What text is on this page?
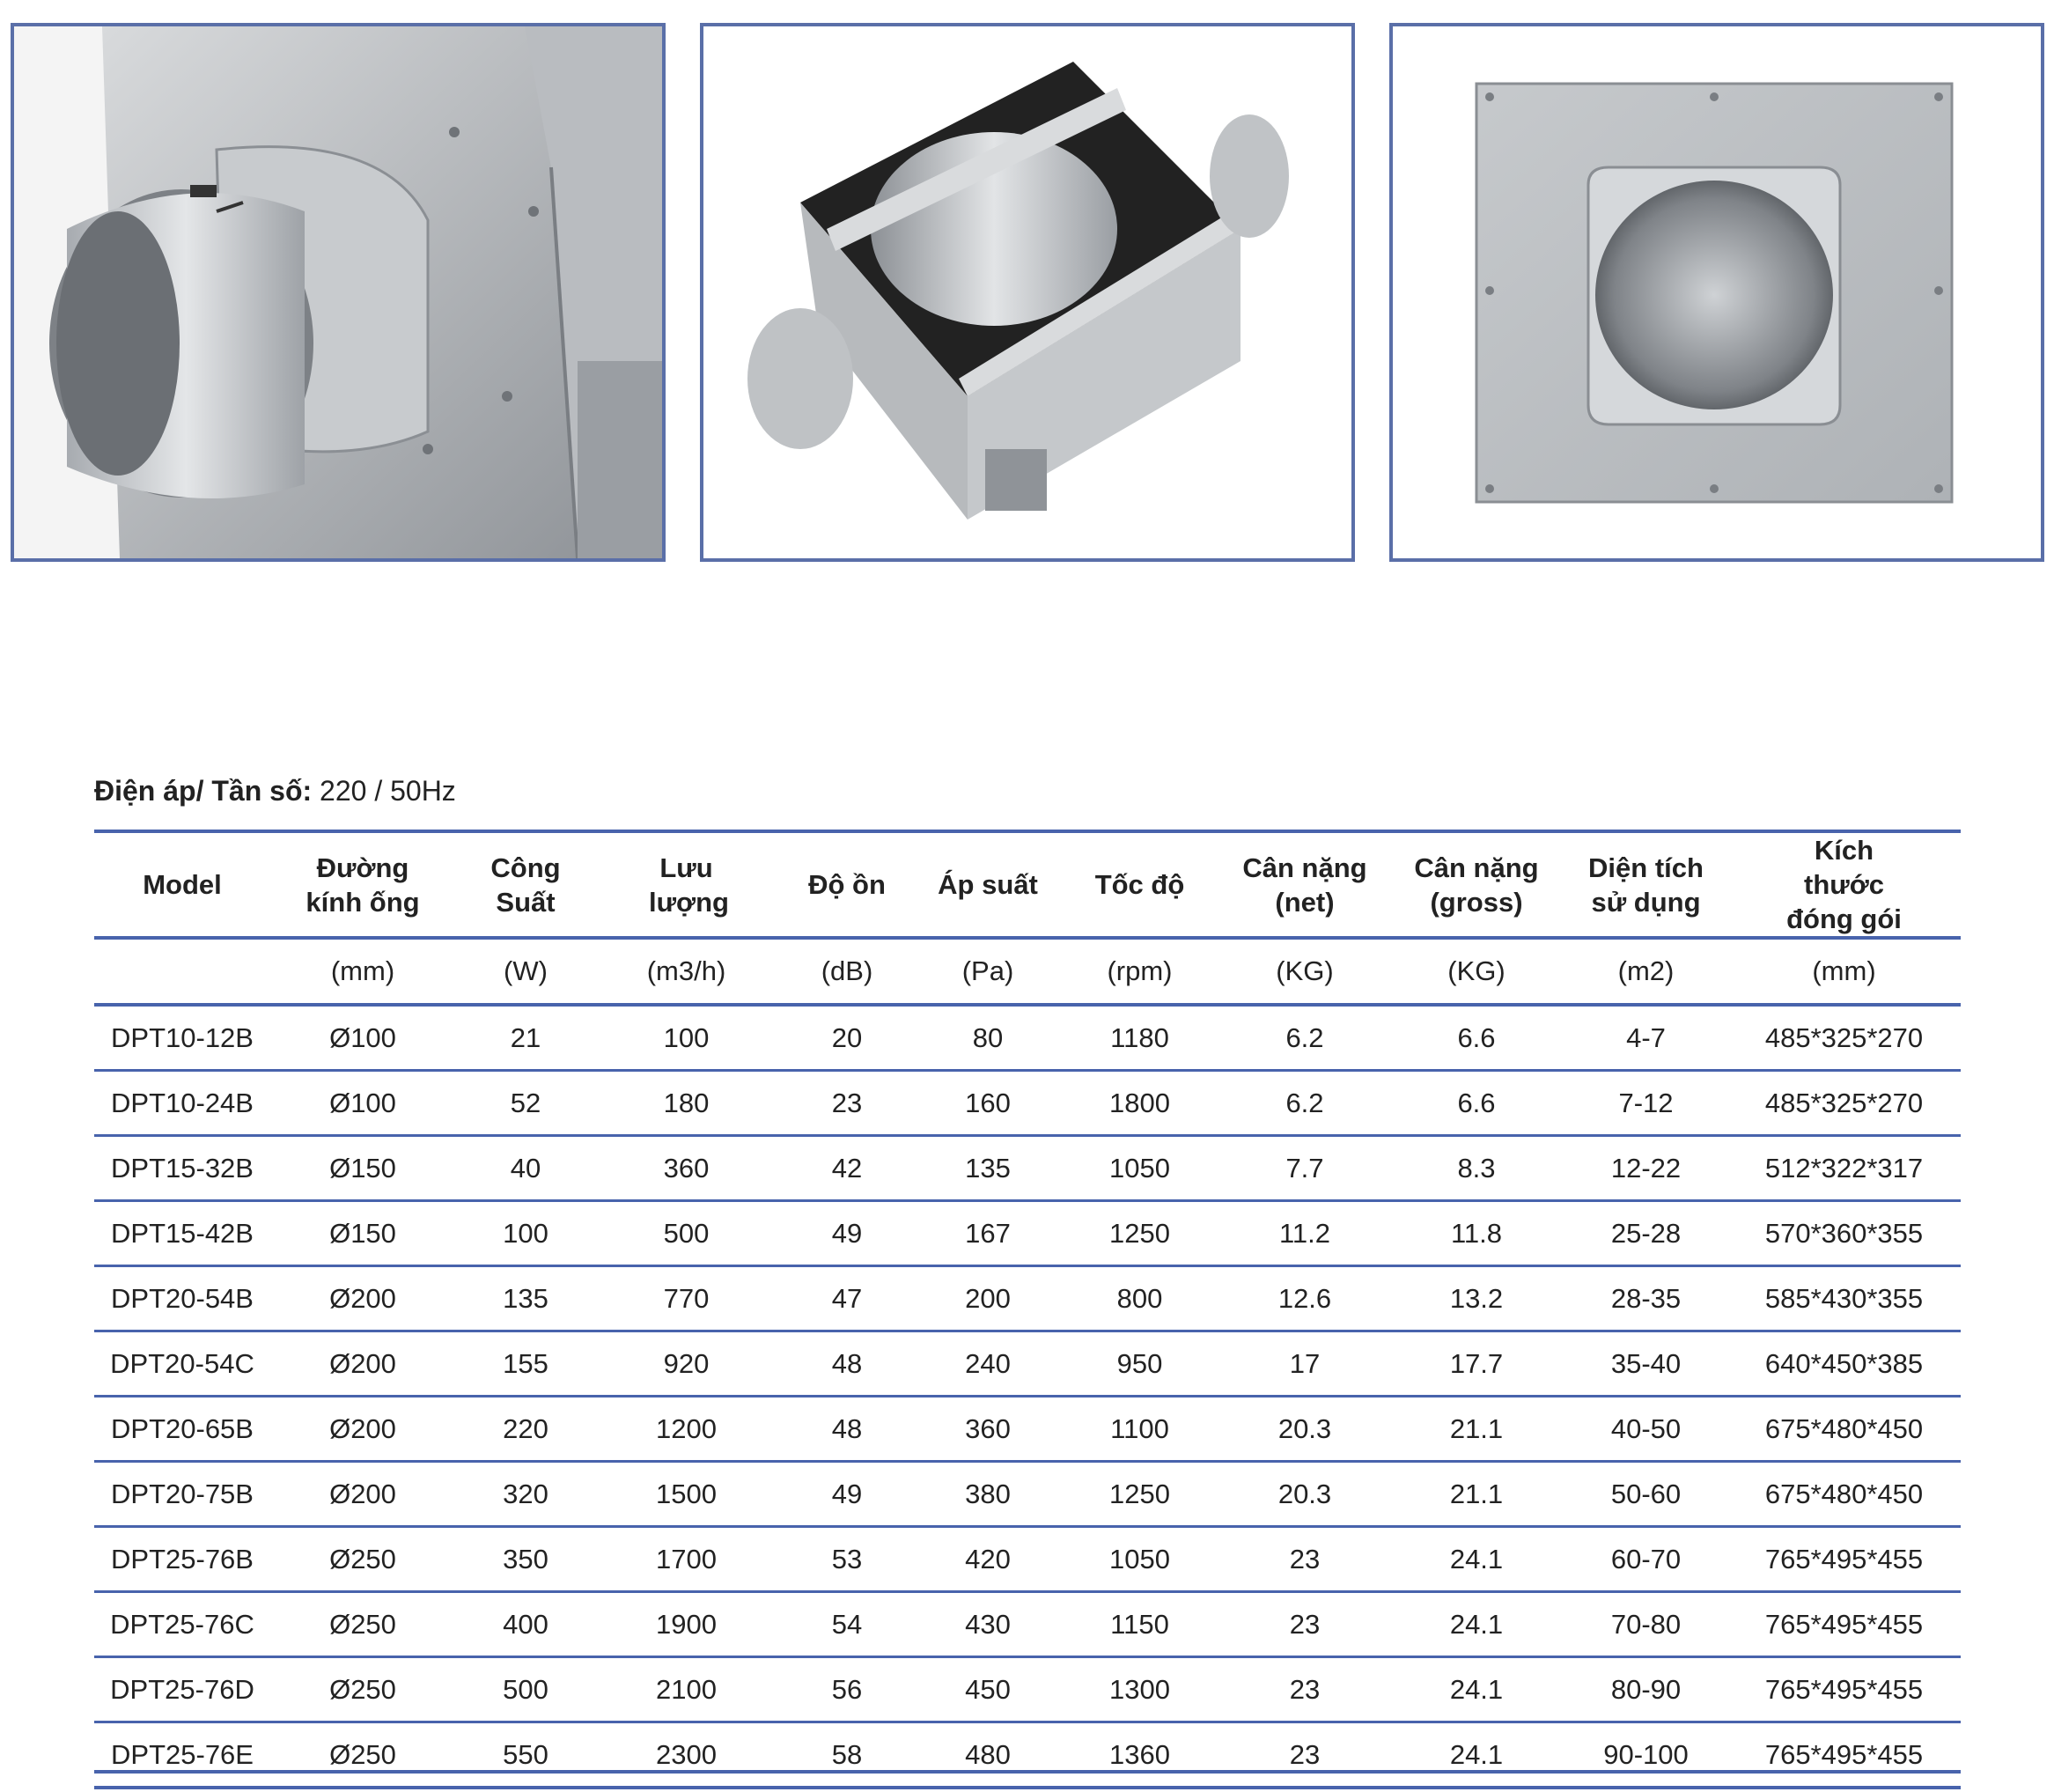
Điện áp/ Tần số: 220 / 50Hz
Model	Đường kính ống	Công Suất	Lưu lượng	Độ ồn	Áp suất	Tốc độ	Cân nặng (net)	Cân nặng (gross)	Diện tích sử dụng	Kích thước đóng gói
	(mm)	(W)	(m3/h)	(dB)	(Pa)	(rpm)	(KG)	(KG)	(m2)	(mm)
DPT10-12B	Ø100	21	100	20	80	1180	6.2	6.6	4-7	485*325*270
DPT10-24B	Ø100	52	180	23	160	1800	6.2	6.6	7-12	485*325*270
DPT15-32B	Ø150	40	360	42	135	1050	7.7	8.3	12-22	512*322*317
DPT15-42B	Ø150	100	500	49	167	1250	11.2	11.8	25-28	570*360*355
DPT20-54B	Ø200	135	770	47	200	800	12.6	13.2	28-35	585*430*355
DPT20-54C	Ø200	155	920	48	240	950	17	17.7	35-40	640*450*385
DPT20-65B	Ø200	220	1200	48	360	1100	20.3	21.1	40-50	675*480*450
DPT20-75B	Ø200	320	1500	49	380	1250	20.3	21.1	50-60	675*480*450
DPT25-76B	Ø250	350	1700	53	420	1050	23	24.1	60-70	765*495*455
DPT25-76C	Ø250	400	1900	54	430	1150	23	24.1	70-80	765*495*455
DPT25-76D	Ø250	500	2100	56	450	1300	23	24.1	80-90	765*495*455
DPT25-76E	Ø250	550	2300	58	480	1360	23	24.1	90-100	765*495*455
